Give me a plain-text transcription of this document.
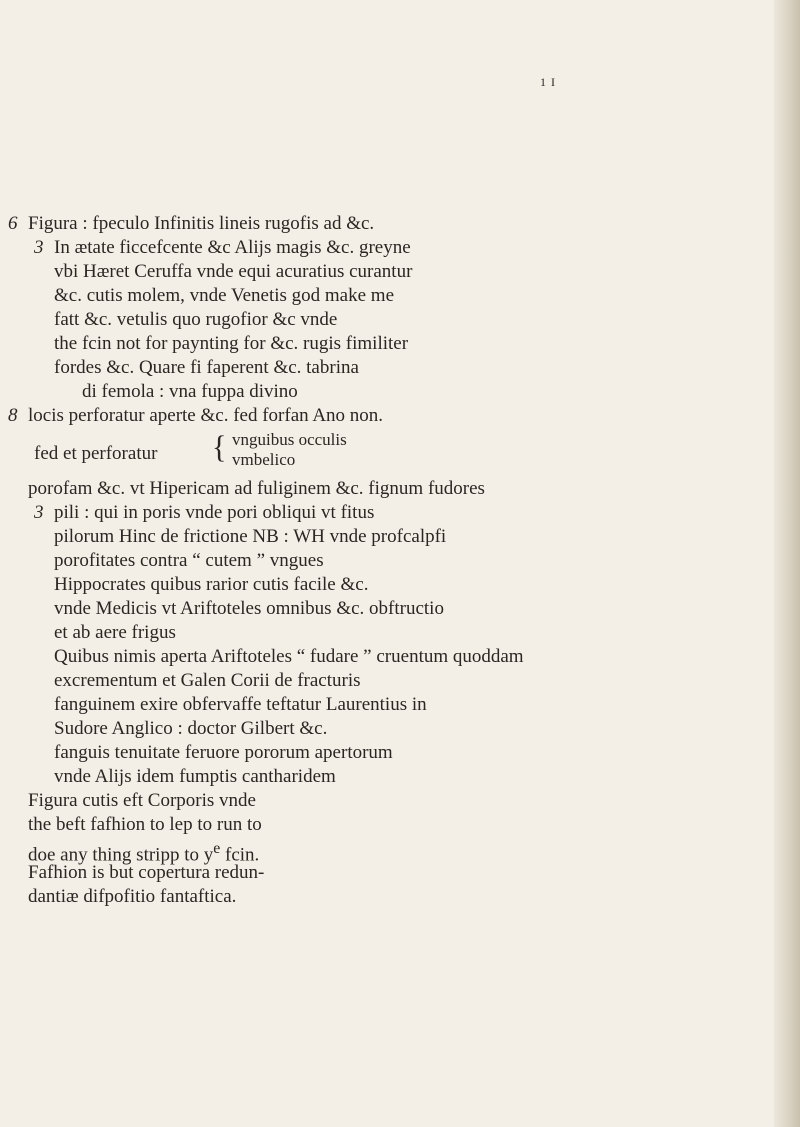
1 I
6 Figura : fpeculo Infinitis lineis rugofis ad &c.
3 In ætate ficcefcente &c Alijs magis &c. greyne
vbi Hæret Ceruffa vnde equi acuratius curantur
&c. cutis molem, vnde Venetis god make me
fatt &c. vetulis quo rugofior &c vnde
the fcin not for paynting for &c. rugis fimiliter
fordes &c. Quare fi faperent &c. tabrina
di femola : vna fuppa divino
8 locis perforatur aperte &c. fed forfan Ano non.
fed et perforatur { vnguibus occulis
vmbelico
porofam &c. vt Hipericam ad fuliginem &c. fignum fudores
3 pili : qui in poris vnde pori obliqui vt fitus
pilorum Hinc de frictione NB : WH vnde profcalpfi
porofitates contra “ cutem ” vngues
Hippocrates quibus rarior cutis facile &c.
vnde Medicis vt Ariftoteles omnibus &c. obftructio
et ab aere frigus
Quibus nimis aperta Ariftoteles “ fudare ” cruentum quoddam
excrementum et Galen Corii de fracturis
fanguinem exire obfervaffe teftatur Laurentius in
Sudore Anglico : doctor Gilbert &c.
fanguis tenuitate feruore pororum apertorum
vnde Alijs idem fumptis cantharidem
Figura cutis eft Corporis vnde
the beft fafhion to lep to run to
doe any thing stripp to $y^e$ fcin.
Fafhion is but copertura redun-
dantiæ difpofitio fantaftica.
